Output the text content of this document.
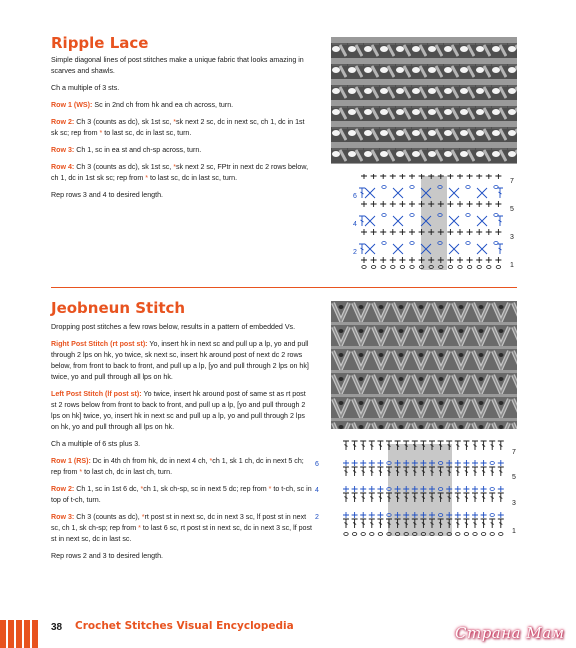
Ripple Lace

Simple diagonal lines of post stitches make a unique fabric that looks amazing in scarves and shawls.

Ch a multiple of 3 sts.

Row 1 (WS): Sc in 2nd ch from hk and ea ch across, turn.

Row 2: Ch 3 (counts as dc), sk 1st sc, *sk next 2 sc, dc in next sc, ch 1, dc in 1st sk sc; rep from * to last sc, dc in last sc, turn.

Row 3: Ch 1, sc in ea st and ch-sp across, turn.

Row 4: Ch 3 (counts as dc), sk 1st sc, *sk next 2 sc, FPtr in next dc 2 rows below, ch 1, dc in 1st sk sc; rep from * to last sc, dc in last sc, turn.

Rep rows 3 and 4 to desired length.

7
5
3
1
6
4
2
Jeobneun Stitch

Dropping post stitches a few rows below, results in a pattern of embedded Vs.

Right Post Stitch (rt post st): Yo, insert hk in next sc and pull up a lp, yo and pull through 2 lps on hk, yo twice, sk next sc, insert hk around post of next dc 2 rows below, from front to back to front, and pull up a lp, [yo and pull through 2 lps on hk] twice, yo and pull through all lps on hk.

Left Post Stitch (lf post st): Yo twice, insert hk around post of same st as rt post st 2 rows below from front to back to front, and pull up a lp, [yo and pull through 2 lps on hk] twice, yo, insert hk in next sc and pull up a lp, yo and pull through 2 lps on hk, yo and pull through all lps on hk.

Ch a multiple of 6 sts plus 3.

Row 1 (RS): Dc in 4th ch from hk, dc in next 4 ch, *ch 1, sk 1 ch, dc in next 5 ch; rep from * to last ch, dc in last ch, turn.

Row 2: Ch 1, sc in 1st 6 dc, *ch 1, sk ch-sp, sc in next 5 dc; rep from * to t-ch, sc in top of t-ch, turn.

Row 3: Ch 3 (counts as dc), *rt post st in next sc, dc in next 3 sc, lf post st in next sc, ch 1, sk ch-sp; rep from * to last 6 sc, rt post st in next sc, dc in next 3 sc, lf post st in next sc, dc in last sc.

Rep rows 2 and 3 to desired length.

7
5
3
1
6
4
2
38 Crochet Stitches Visual Encyclopedia	Страна Мам
